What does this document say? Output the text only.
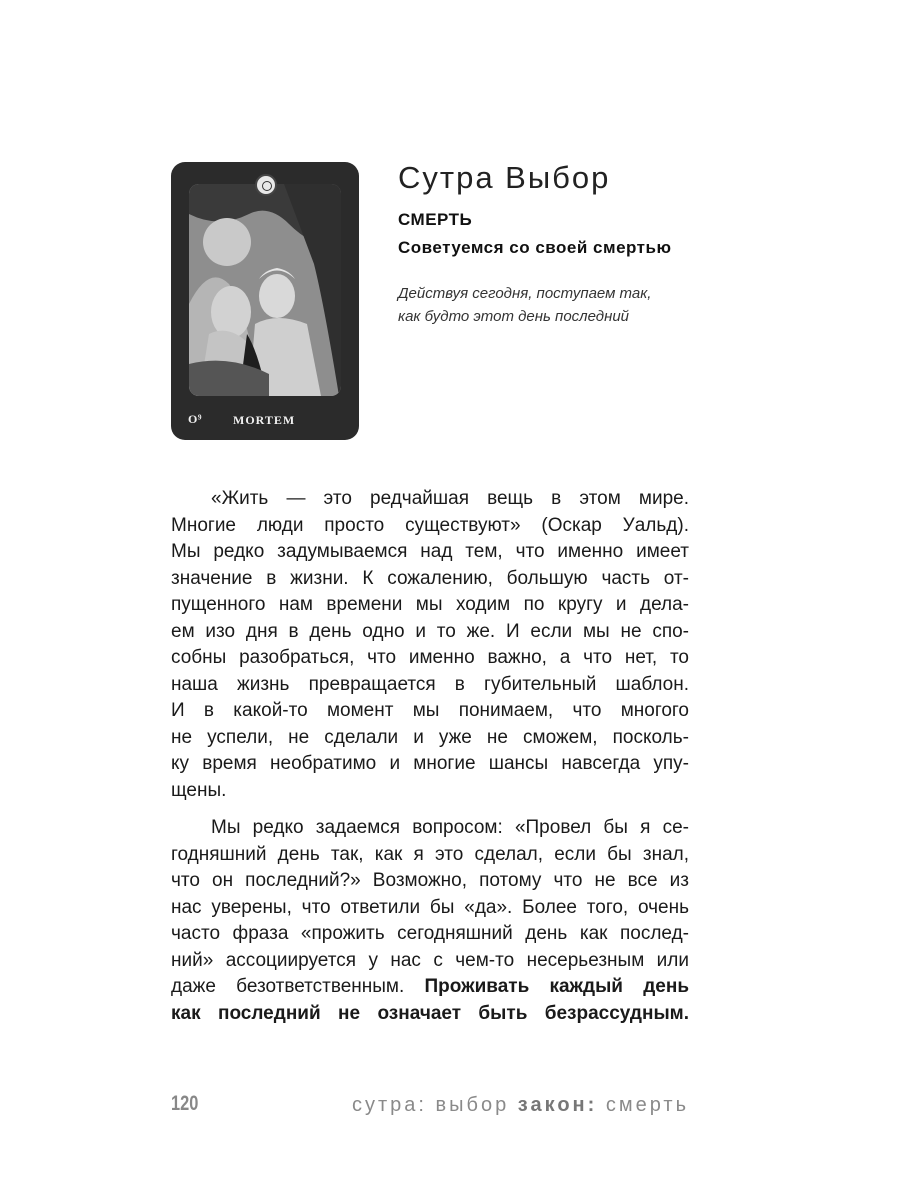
O⁹	MORTEM
Сутра Выбор
СМЕРТЬ
Советуемся со своей смертью
Действуя сегодня, поступаем так,
как будто этот день последний
«Жить — это редчайшая вещь в этом мире.
Многие люди просто существуют» (Оскар Уальд).
Мы редко задумываемся над тем, что именно имеет
значение в жизни. К сожалению, большую часть от-
пущенного нам времени мы ходим по кругу и дела-
ем изо дня в день одно и то же. И если мы не спо-
собны разобраться, что именно важно, а что нет, то
наша жизнь превращается в губительный шаблон.
И в какой-то момент мы понимаем, что многого
не успели, не сделали и уже не сможем, посколь-
ку время необратимо и многие шансы навсегда упу-
щены.
Мы редко задаемся вопросом: «Провел бы я се-
годняшний день так, как я это сделал, если бы знал,
что он последний?» Возможно, потому что не все из
нас уверены, что ответили бы «да». Более того, очень
часто фраза «прожить сегодняшний день как послед-
ний» ассоциируется у нас с чем-то несерьезным или
даже безответственным. Проживать каждый день
как последний не означает быть безрассудным.
120	сутра: выбор закон: смерть
